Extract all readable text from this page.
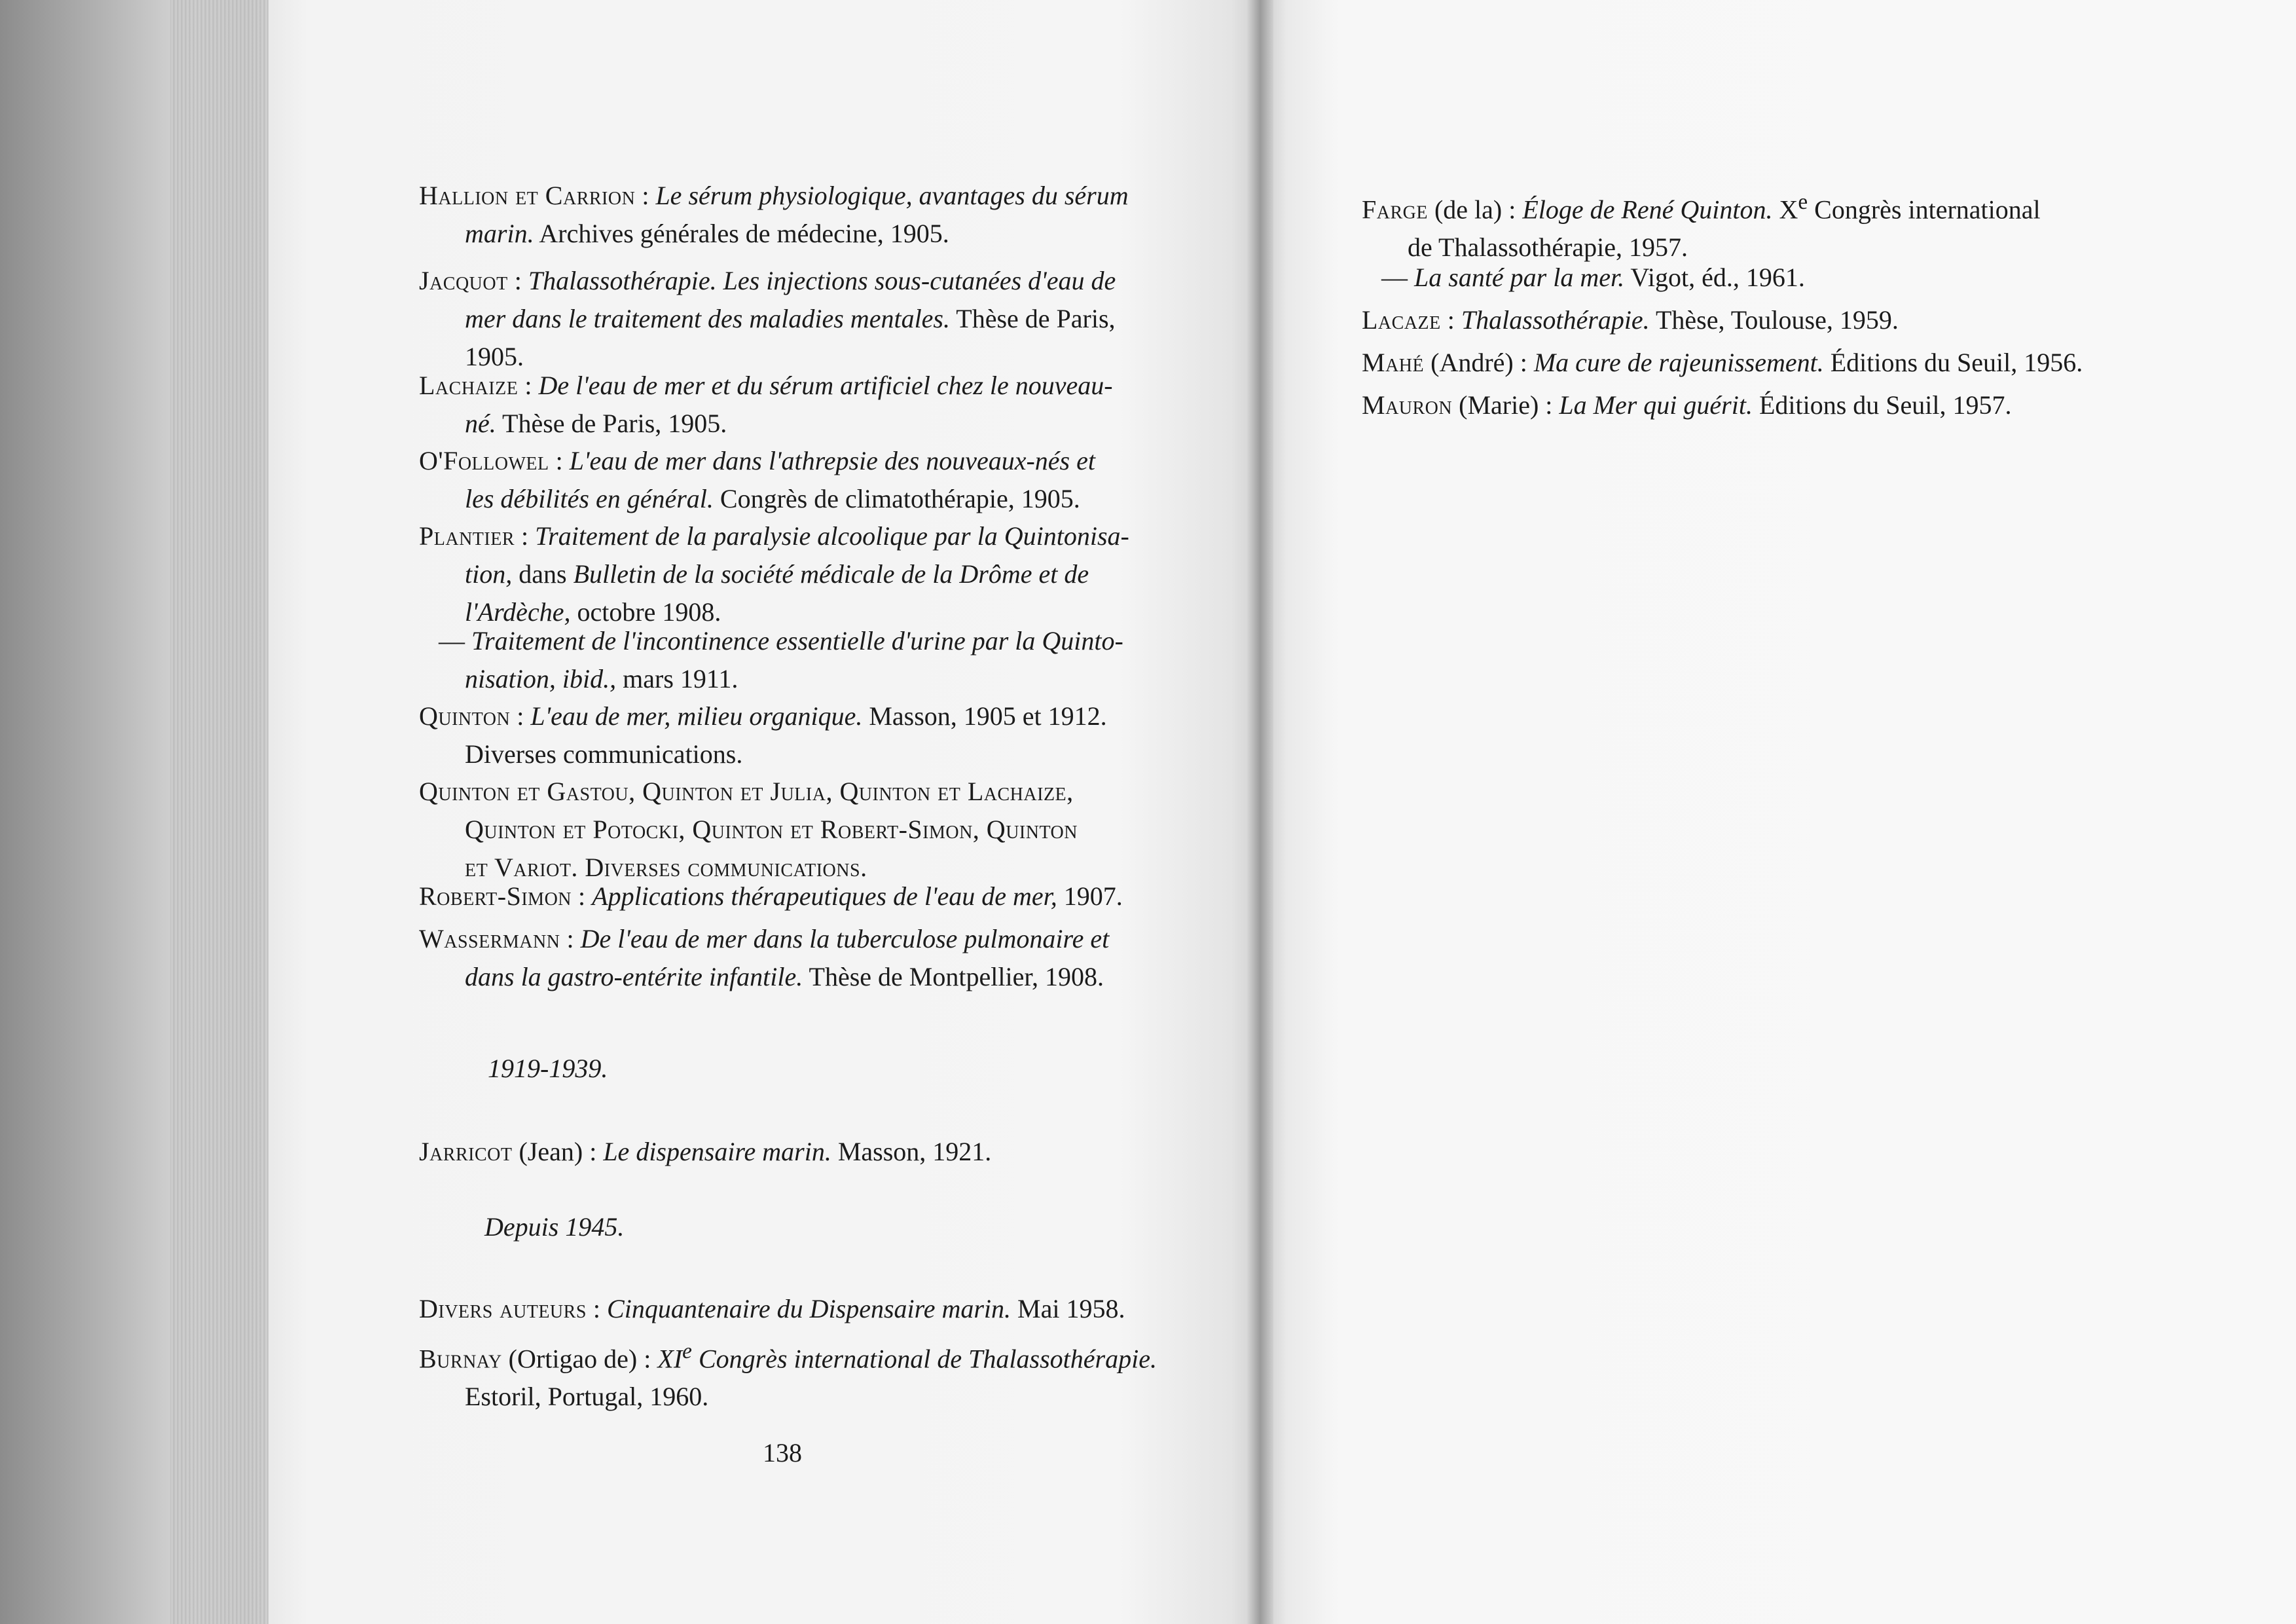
Hallion et Carrion : Le sérum physiologique, avantages du sérum
marin. Archives générales de médecine, 1905.
Jacquot : Thalassothérapie. Les injections sous-cutanées d'eau de
mer dans le traitement des maladies mentales. Thèse de Paris,
1905.
Lachaize : De l'eau de mer et du sérum artificiel chez le nouveau-
né. Thèse de Paris, 1905.
O'Followel : L'eau de mer dans l'athrepsie des nouveaux-nés et
les débilités en général. Congrès de climatothérapie, 1905.
Plantier : Traitement de la paralysie alcoolique par la Quintonisa-
tion, dans Bulletin de la société médicale de la Drôme et de
l'Ardèche, octobre 1908.
— Traitement de l'incontinence essentielle d'urine par la Quinto-
nisation, ibid., mars 1911.
Quinton : L'eau de mer, milieu organique. Masson, 1905 et 1912.
Diverses communications.
Quinton et Gastou, Quinton et Julia, Quinton et Lachaize,
Quinton et Potocki, Quinton et Robert-Simon, Quinton
et Variot. Diverses communications.
Robert-Simon : Applications thérapeutiques de l'eau de mer, 1907.
Wassermann : De l'eau de mer dans la tuberculose pulmonaire et
dans la gastro-entérite infantile. Thèse de Montpellier, 1908.
1919-1939.
Jarricot (Jean) : Le dispensaire marin. Masson, 1921.
Depuis 1945.
Divers auteurs : Cinquantenaire du Dispensaire marin. Mai 1958.
Burnay (Ortigao de) : XIe Congrès international de Thalassothérapie.
Estoril, Portugal, 1960.
138
Farge (de la) : Éloge de René Quinton. Xe Congrès international
de Thalassothérapie, 1957.
— La santé par la mer. Vigot, éd., 1961.
Lacaze : Thalassothérapie. Thèse, Toulouse, 1959.
Mahé (André) : Ma cure de rajeunissement. Éditions du Seuil, 1956.
Mauron (Marie) : La Mer qui guérit. Éditions du Seuil, 1957.
